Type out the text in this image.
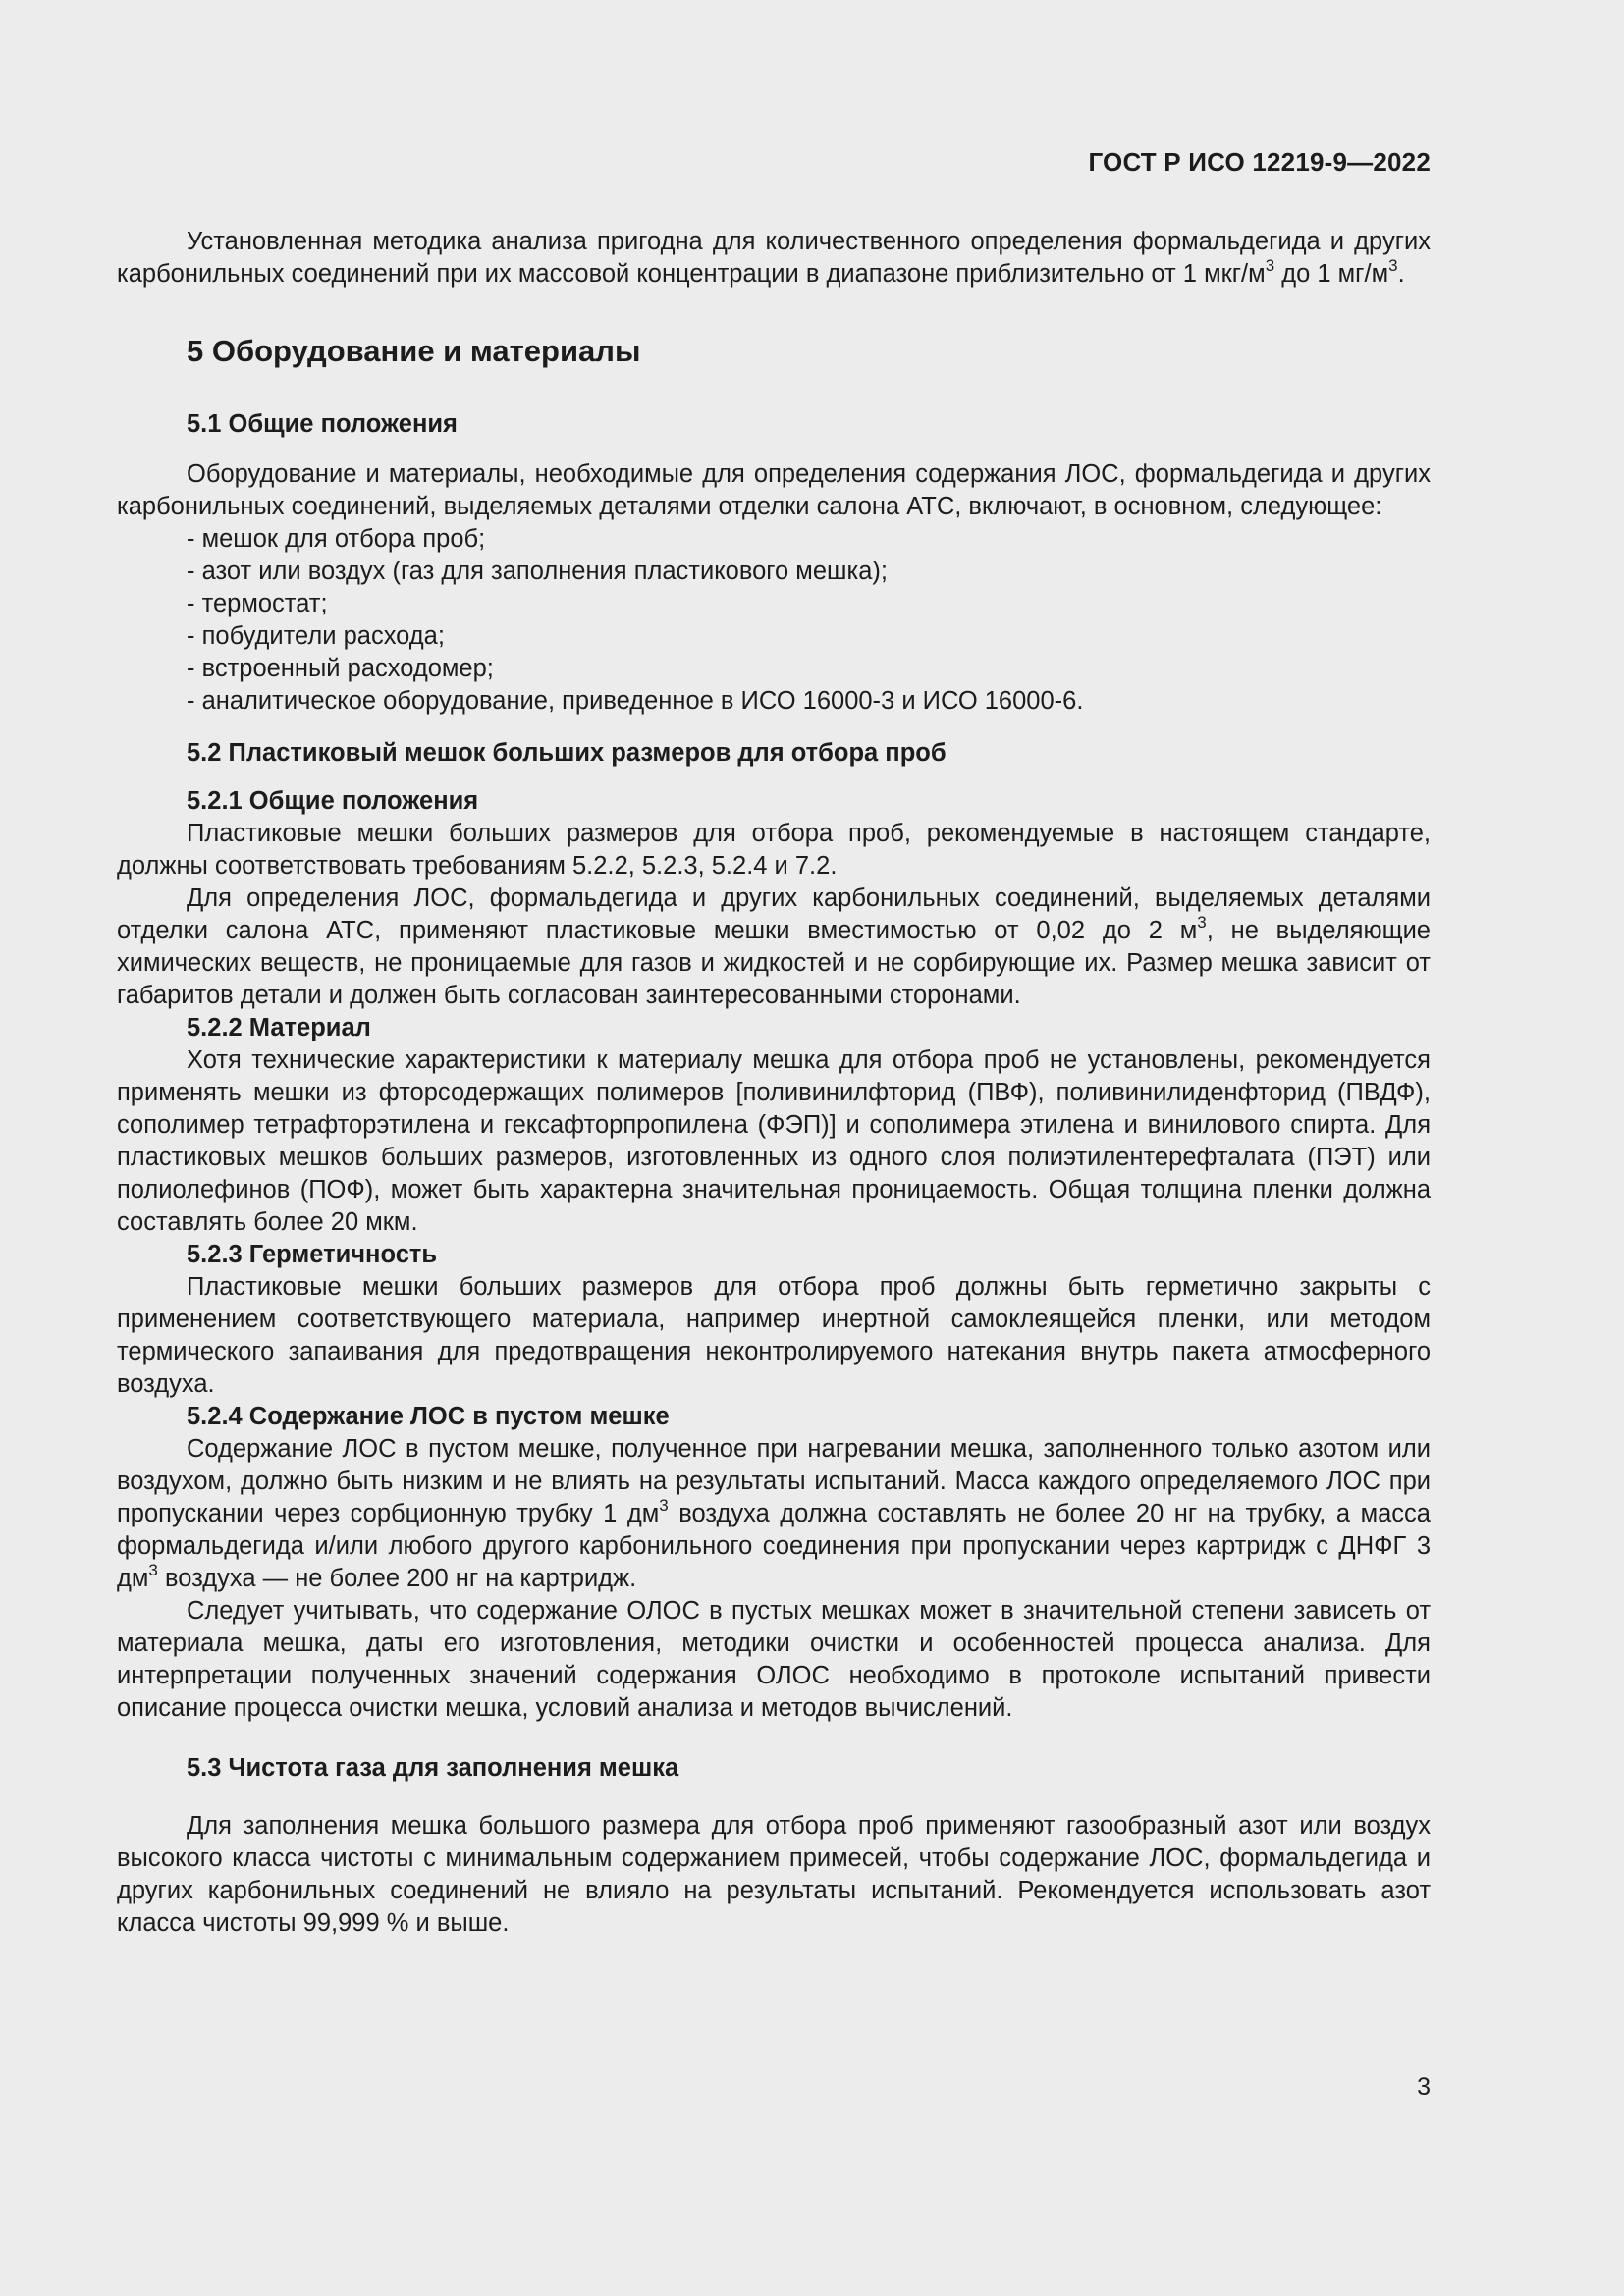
ГОСТ Р ИСО 12219-9—2022

Установленная методика анализа пригодна для количественного определения формальдегида и других карбонильных соединений при их массовой концентрации в диапазоне приблизительно от 1 мкг/$м^3$ до 1 $мг/м^3$.

5 Оборудование и материалы
5.1 Общие положения

Оборудование и материалы, необходимые для определения содержания ЛОС, формальдегида и других карбонильных соединений, выделяемых деталями отделки салона АТС, включают, в основном, следующее:

- мешок для отбора проб;
- азот или воздух (газ для заполнения пластикового мешка);
- термостат;
- побудители расхода;
- встроенный расходомер;
- аналитическое оборудование, приведенное в ИСО 16000-3 и ИСО 16000-6.
5.2 Пластиковый мешок больших размеров для отбора проб
5.2.1 Общие положения

Пластиковые мешки больших размеров для отбора проб, рекомендуемые в настоящем стандарте, должны соответствовать требованиям 5.2.2, 5.2.3, 5.2.4 и 7.2.

Для определения ЛОС, формальдегида и других карбонильных соединений, выделяемых деталями отделки салона АТС, применяют пластиковые мешки вместимостью от 0,02 до 2 $м^3$, не выделяющие химических веществ, не проницаемые для газов и жидкостей и не сорбирующие их. Размер мешка зависит от габаритов детали и должен быть согласован заинтересованными сторонами.

5.2.2 Материал

Хотя технические характеристики к материалу мешка для отбора проб не установлены, рекомендуется применять мешки из фторсодержащих полимеров [поливинилфторид (ПВФ), поливинилиденфторид (ПВДФ), сополимер тетрафторэтилена и гексафторпропилена (ФЭП)] и сополимера этилена и винилового спирта. Для пластиковых мешков больших размеров, изготовленных из одного слоя полиэтилентерефталата (ПЭТ) или полиолефинов (ПОФ), может быть характерна значительная проницаемость. Общая толщина пленки должна составлять более 20 мкм.

5.2.3 Герметичность

Пластиковые мешки больших размеров для отбора проб должны быть герметично закрыты с применением соответствующего материала, например инертной самоклеящейся пленки, или методом термического запаивания для предотвращения неконтролируемого натекания внутрь пакета атмосферного воздуха.

5.2.4 Содержание ЛОС в пустом мешке

Содержание ЛОС в пустом мешке, полученное при нагревании мешка, заполненного только азотом или воздухом, должно быть низким и не влиять на результаты испытаний. Масса каждого определяемого ЛОС при пропускании через сорбционную трубку 1 $дм^3$ воздуха должна составлять не более 20 нг на трубку, а масса формальдегида и/или любого другого карбонильного соединения при пропускании через картридж с ДНФГ 3 $дм^3$ воздуха — не более 200 нг на картридж.

Следует учитывать, что содержание ОЛОС в пустых мешках может в значительной степени зависеть от материала мешка, даты его изготовления, методики очистки и особенностей процесса анализа. Для интерпретации полученных значений содержания ОЛОС необходимо в протоколе испытаний привести описание процесса очистки мешка, условий анализа и методов вычислений.

5.3 Чистота газа для заполнения мешка

Для заполнения мешка большого размера для отбора проб применяют газообразный азот или воздух высокого класса чистоты с минимальным содержанием примесей, чтобы содержание ЛОС, формальдегида и других карбонильных соединений не влияло на результаты испытаний. Рекомендуется использовать азот класса чистоты 99,999 % и выше.

3
